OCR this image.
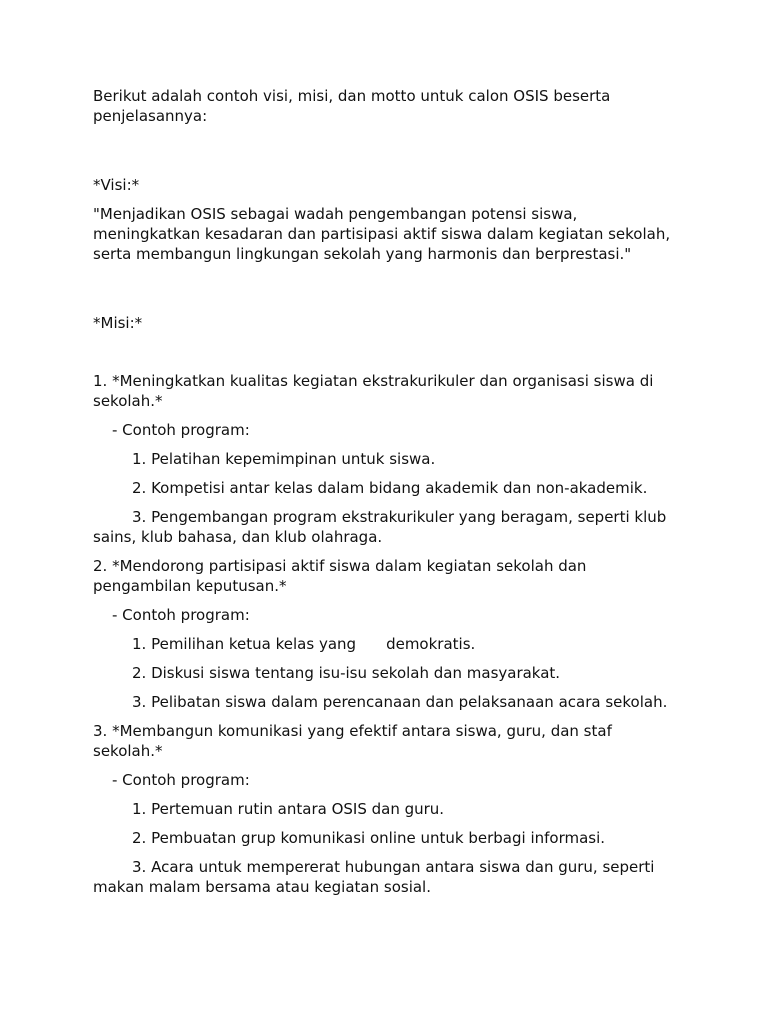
Berikut adalah contoh visi, misi, dan motto untuk calon OSIS beserta penjelasannya:

*Visi:*

"Menjadikan OSIS sebagai wadah pengembangan potensi siswa, meningkatkan kesadaran dan partisipasi aktif siswa dalam kegiatan sekolah, serta membangun lingkungan sekolah yang harmonis dan berprestasi."

*Misi:*

1. *Meningkatkan kualitas kegiatan ekstrakurikuler dan organisasi siswa di sekolah.*

- Contoh program:

1. Pelatihan kepemimpinan untuk siswa.

2. Kompetisi antar kelas dalam bidang akademik dan non-akademik.

3. Pengembangan program ekstrakurikuler yang beragam, seperti klub sains, klub bahasa, dan klub olahraga.

2. *Mendorong partisipasi aktif siswa dalam kegiatan sekolah dan pengambilan keputusan.*

- Contoh program:

1. Pemilihan ketua kelas yang demokratis.

2. Diskusi siswa tentang isu-isu sekolah dan masyarakat.

3. Pelibatan siswa dalam perencanaan dan pelaksanaan acara sekolah.

3. *Membangun komunikasi yang efektif antara siswa, guru, dan staf sekolah.*

- Contoh program:

1. Pertemuan rutin antara OSIS dan guru.

2. Pembuatan grup komunikasi online untuk berbagi informasi.

3. Acara untuk mempererat hubungan antara siswa dan guru, seperti makan malam bersama atau kegiatan sosial.
